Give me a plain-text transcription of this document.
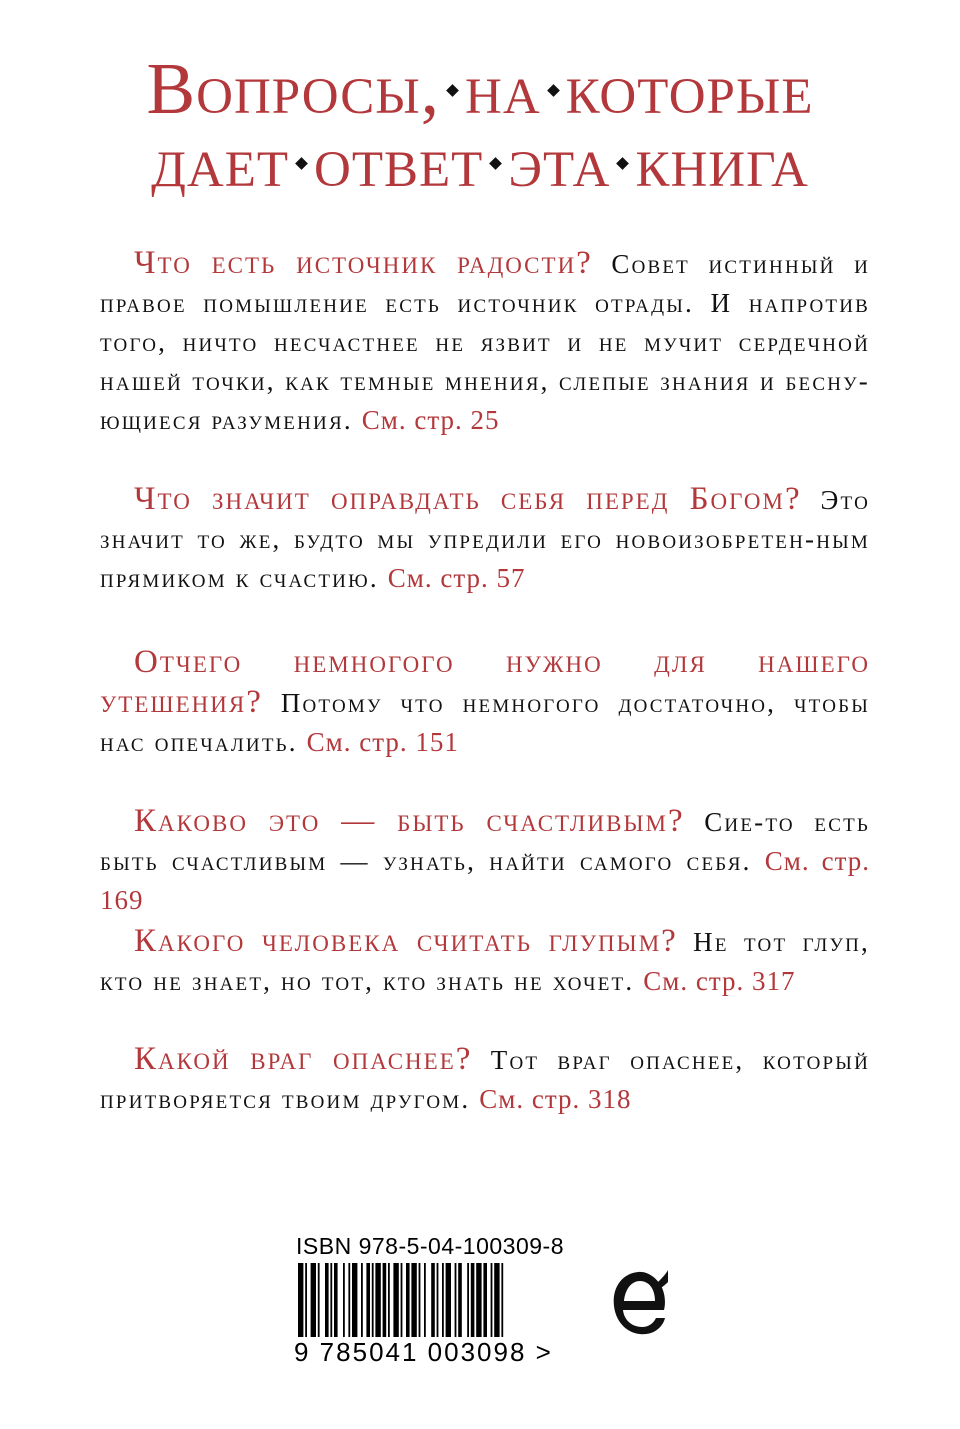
Вопросы, на которые
дает ответ эта книга
Что есть источник радости? Совет истинный и правое помышление есть источник отрады. И напротив того, ничто несчастнее не язвит и не мучит сердечной нашей точки, как темные мнения, слепые знания и бесну-ющиеся разумения. См. стр. 25
Что значит оправдать себя перед Богом? Это значит то же, будто мы упредили его новоизобретен-ным прямиком к счастию. См. стр. 57
Отчего немногого нужно для нашего утешения? Потому что немногого достаточно, чтобы нас опечалить. См. стр. 151
Каково это — быть счастливым? Сие-то есть быть счастливым — узнать, найти самого себя. См. стр. 169
Какого человека считать глупым? Не тот глуп, кто не знает, но тот, кто знать не хочет. См. стр. 317
Какой враг опаснее? Тот враг опаснее, который притворяется твоим другом. См. стр. 318
ISBN 978-5-04-100309-8
9 785041 003098 >
